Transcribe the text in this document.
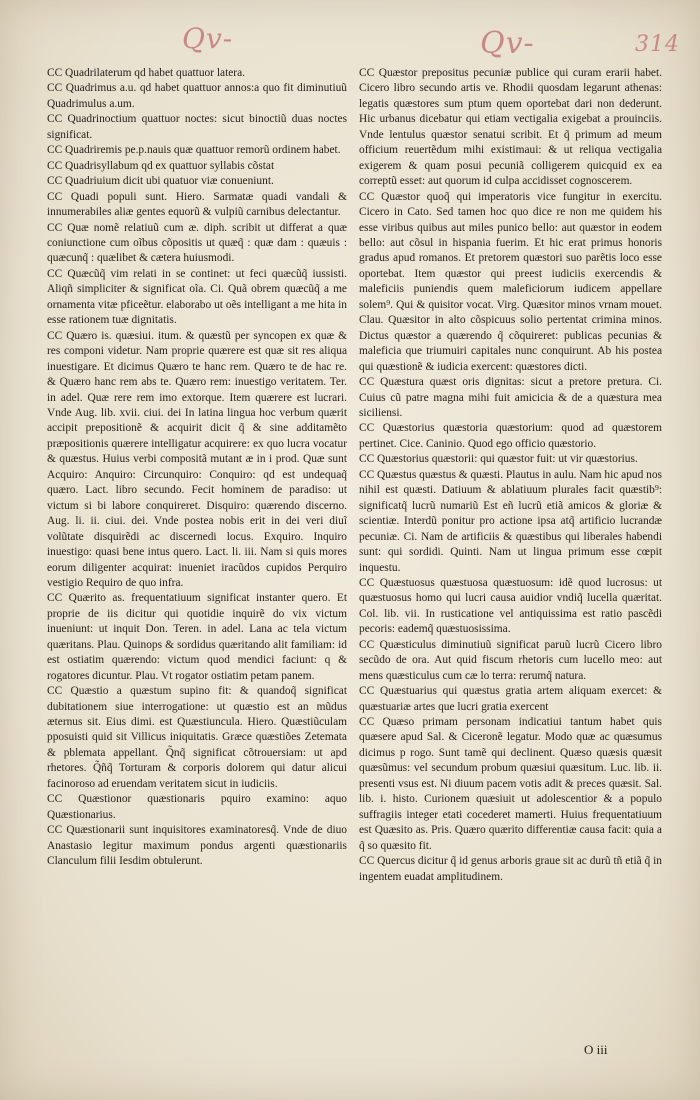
Qv-	Qv-	314

CC Quadrilaterum qd habet quattuor latera.

CC Quadrimus a.u. qd habet quattuor annos:a quo fit diminutiuũ Quadrimulus a.um.

CC Quadrinoctium quattuor noctes: sicut binoctiũ duas noctes significat.

CC Quadriremis pe.p.nauis quæ quattuor remorũ ordinem habet.

CC Quadrisyllabum qd ex quattuor syllabis cõstat

CC Quadriuium dicit ubi quatuor viæ conueniunt.

CC Quadi populi sunt. Hiero. Sarmatæ quadi vandali & innumerabiles aliæ gentes equorũ & vulpiũ carnibus delectantur.

CC Quæ nomẽ relatiuũ cum æ. diph. scribit ut differat a quæ coniunctione cum oĩbus cõpositis ut quæq̃ : quæ dam : quæuis : quæcunq̃ : quælibet & cætera huiusmodi.

CC Quæcũq̃ vim relati in se continet: ut feci quæcũq̃ iussisti. Aliqñ simpliciter & significat oĩa. Ci. Quã obrem quæcũq̃ a me ornamenta vitæ pficeẽtur. elaborabo ut oẽs intelligant a me hita in esse rationem tuæ dignitatis.

CC Quæro is. quæsiui. itum. & quæstũ per syncopen ex quæ & res componi videtur. Nam proprie quærere est quæ sit res aliqua inuestigare. Et dicimus Quæro te hanc rem. Quæro te de hac re. & Quæro hanc rem abs te. Quæro rem: inuestigo veritatem. Ter. in adel. Quæ rere rem imo extorque. Item quærere est lucrari. Vnde Aug. lib. xvii. ciui. dei In latina lingua hoc verbum quærit accipit prepositionẽ & acquirit dicit q̃ & sine additamẽto præpositionis quærere intelligatur acquirere: ex quo lucra vocatur & quæstus. Huius verbi compositã mutant æ in i prod. Quæ sunt Acquiro: Anquiro: Circunquiro: Conquiro: qd est undequaq̃ quæro. Lact. libro secundo. Fecit hominem de paradiso: ut victum si bi labore conquireret. Disquiro: quærendo discerno. Aug. li. ii. ciui. dei. Vnde postea nobis erit in dei veri diuĩ volũtate disquirẽdi ac discernedi locus. Exquiro. Inquiro inuestigo: quasi bene intus quero. Lact. li. iii. Nam si quis mores eorum diligenter acquirat: inueniet iracũdos cupidos Perquiro vestigio Requiro de quo infra.

CC Quærito as. frequentatiuum significat instanter quero. Et proprie de iis dicitur qui quotidie inquirẽ do vix victum inueniunt: ut inquit Don. Teren. in adel. Lana ac tela victum quæritans. Plau. Quinops & sordidus quæritando alit familiam: id est ostiatim quærendo: victum quod mendici faciunt: q & rogatores dicuntur. Plau. Vt rogator ostiatim petam panem.

CC Quæstio a quæstum supino fit: & quandoq̃ significat dubitationem siue interrogatione: ut quæstio est an mũdus æternus sit. Eius dimi. est Quæstiuncula. Hiero. Quæstiũculam pposuisti quid sit Villicus iniquitatis. Græce quæstiões Zetemata & pblemata appellant. Q̃nq̃ significat cõtrouersiam: ut apd rhetores. Q̃ñq̃ Torturam & corporis dolorem qui datur alicui facinoroso ad eruendam veritatem sicut in iudiciis.

CC Quæstionor quæstionaris pquiro examino: aquo Quæstionarius.

CC Quæstionarii sunt inquisitores examinatoresq̃. Vnde de diuo Anastasio legitur maximum pondus argenti quæstionariis Clanculum filii Iesdim obtulerunt.

CC Quæstor prepositus pecuniæ publice qui curam erarii habet. Cicero libro secundo artis ve. Rhodii quosdam legarunt athenas: legatis quæstores sum ptum quem oportebat dari non dederunt. Hic urbanus dicebatur qui etiam vectigalia exigebat a prouinciis. Vnde lentulus quæstor senatui scribit. Et q̃ primum ad meum officium reuertẽdum mihi existimaui: & ut reliqua vectigalia exigerem & quam posui pecuniã colligerem quicquid ex ea correptũ esset: aut quorum id culpa accidisset cognoscerem.

CC Quæstor quoq̃ qui imperatoris vice fungitur in exercitu. Cicero in Cato. Sed tamen hoc quo dice re non me quidem his esse viribus quibus aut miles punico bello: aut quæstor in eodem bello: aut cõsul in hispania fuerim. Et hic erat primus honoris gradus apud romanos. Et pretorem quæstori suo parẽtis loco esse oportebat. Item quæstor qui preest iudiciis exercendis & maleficiis puniendis quem maleficiorum iudicem appellare solem⁹. Qui & quisitor vocat. Virg. Quæsitor minos vrnam mouet. Clau. Quæsitor in alto cõspicuus solio pertentat crimina minos. Dictus quæstor a quærendo q̃ cõquireret: publicas pecunias & maleficia que triumuiri capitales nunc conquirunt. Ab his postea qui quæstionẽ & iudicia exercent: quæstores dicti.

CC Quæstura quæst oris dignitas: sicut a pretore pretura. Ci. Cuius cũ patre magna mihi fuit amicicia & de a quæstura mea siciliensi.

CC Quæstorius quæstoria quæstorium: quod ad quæstorem pertinet. Cice. Caninio. Quod ego officio quæstorio.

CC Quæstorius quæstorii: qui quæstor fuit: ut vir quæstorius.

CC Quæstus quæstus & quæsti. Plautus in aulu. Nam hic apud nos nihil est quæsti. Datiuum & ablatiuum plurales facit quæstib⁹: significatq̃ lucrũ numariũ Est eñ lucrũ etiã amicos & gloriæ & scientiæ. Interdũ ponitur pro actione ipsa atq̃ artificio lucrandæ pecuniæ. Ci. Nam de artificiis & quæstibus qui liberales habendi sunt: qui sordidi. Quinti. Nam ut lingua primum esse cœpit inquestu.

CC Quæstuosus quæstuosa quæstuosum: idẽ quod lucrosus: ut quæstuosus homo qui lucri causa auidior vndiq̃ lucella quæritat. Col. lib. vii. In rusticatione vel antiquissima est ratio pascẽdi pecoris: eademq̃ quæstuosissima.

CC Quæsticulus diminutiuũ significat paruũ lucrũ Cicero libro secũdo de ora. Aut quid fiscum rhetoris cum lucello meo: aut mens quæsticulus cum cæ lo terra: rerumq̃ natura.

CC Quæstuarius qui quæstus gratia artem aliquam exercet: & quæstuariæ artes que lucri gratia exercent

CC Quæso primam personam indicatiui tantum habet quis quæsere apud Sal. & Ciceronẽ legatur. Modo quæ ac quæsumus dicimus p rogo. Sunt tamẽ qui declinent. Quæso quæsis quæsit quæsũmus: vel secundum probum quæsiui quæsitum. Luc. lib. ii. presenti vsus est. Ni diuum pacem votis adit & preces quæsit. Sal. lib. i. histo. Curionem quæsiuit ut adolescentior & a populo suffragiis integer etati cocederet mamerti. Huius frequentatiuum est Quæsito as. Pris. Quæro quærito differentiæ causa facit: quia a q̃ so quæsito fit.

CC Quercus dicitur q̃ id genus arboris graue sit ac durũ tñ etiã q̃ in ingentem euadat amplitudinem.

O iii
